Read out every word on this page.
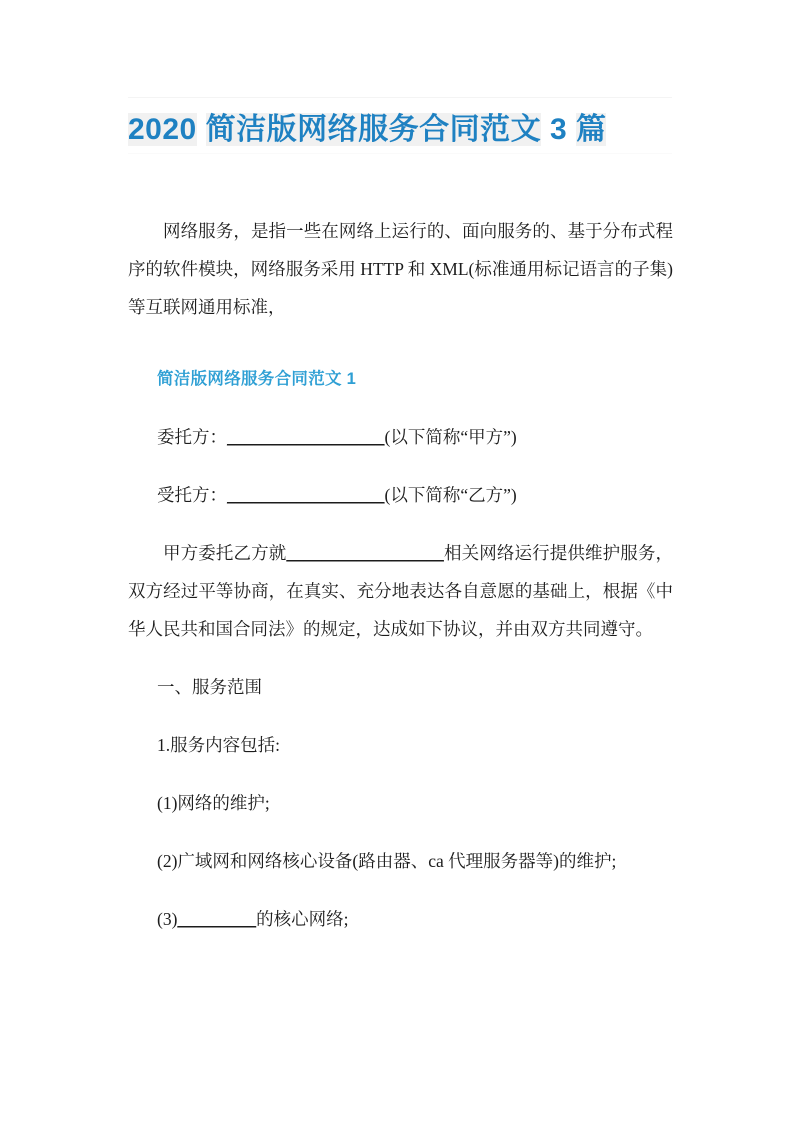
2020 简洁版网络服务合同范文 3 篇

网络服务，是指一些在网络上运行的、面向服务的、基于分布式程序的软件模块，网络服务采用 HTTP 和 XML(标准通用标记语言的子集)等互联网通用标准，

简洁版网络服务合同范文 1

委托方：__________________(以下简称“甲方”)

受托方：__________________(以下简称“乙方”)

甲方委托乙方就__________________相关网络运行提供维护服务，双方经过平等协商，在真实、充分地表达各自意愿的基础上，根据《中华人民共和国合同法》的规定，达成如下协议，并由双方共同遵守。

一、服务范围

1.服务内容包括:

(1)网络的维护;

(2)广域网和网络核心设备(路由器、ca 代理服务器等)的维护;

(3)_________的核心网络;
